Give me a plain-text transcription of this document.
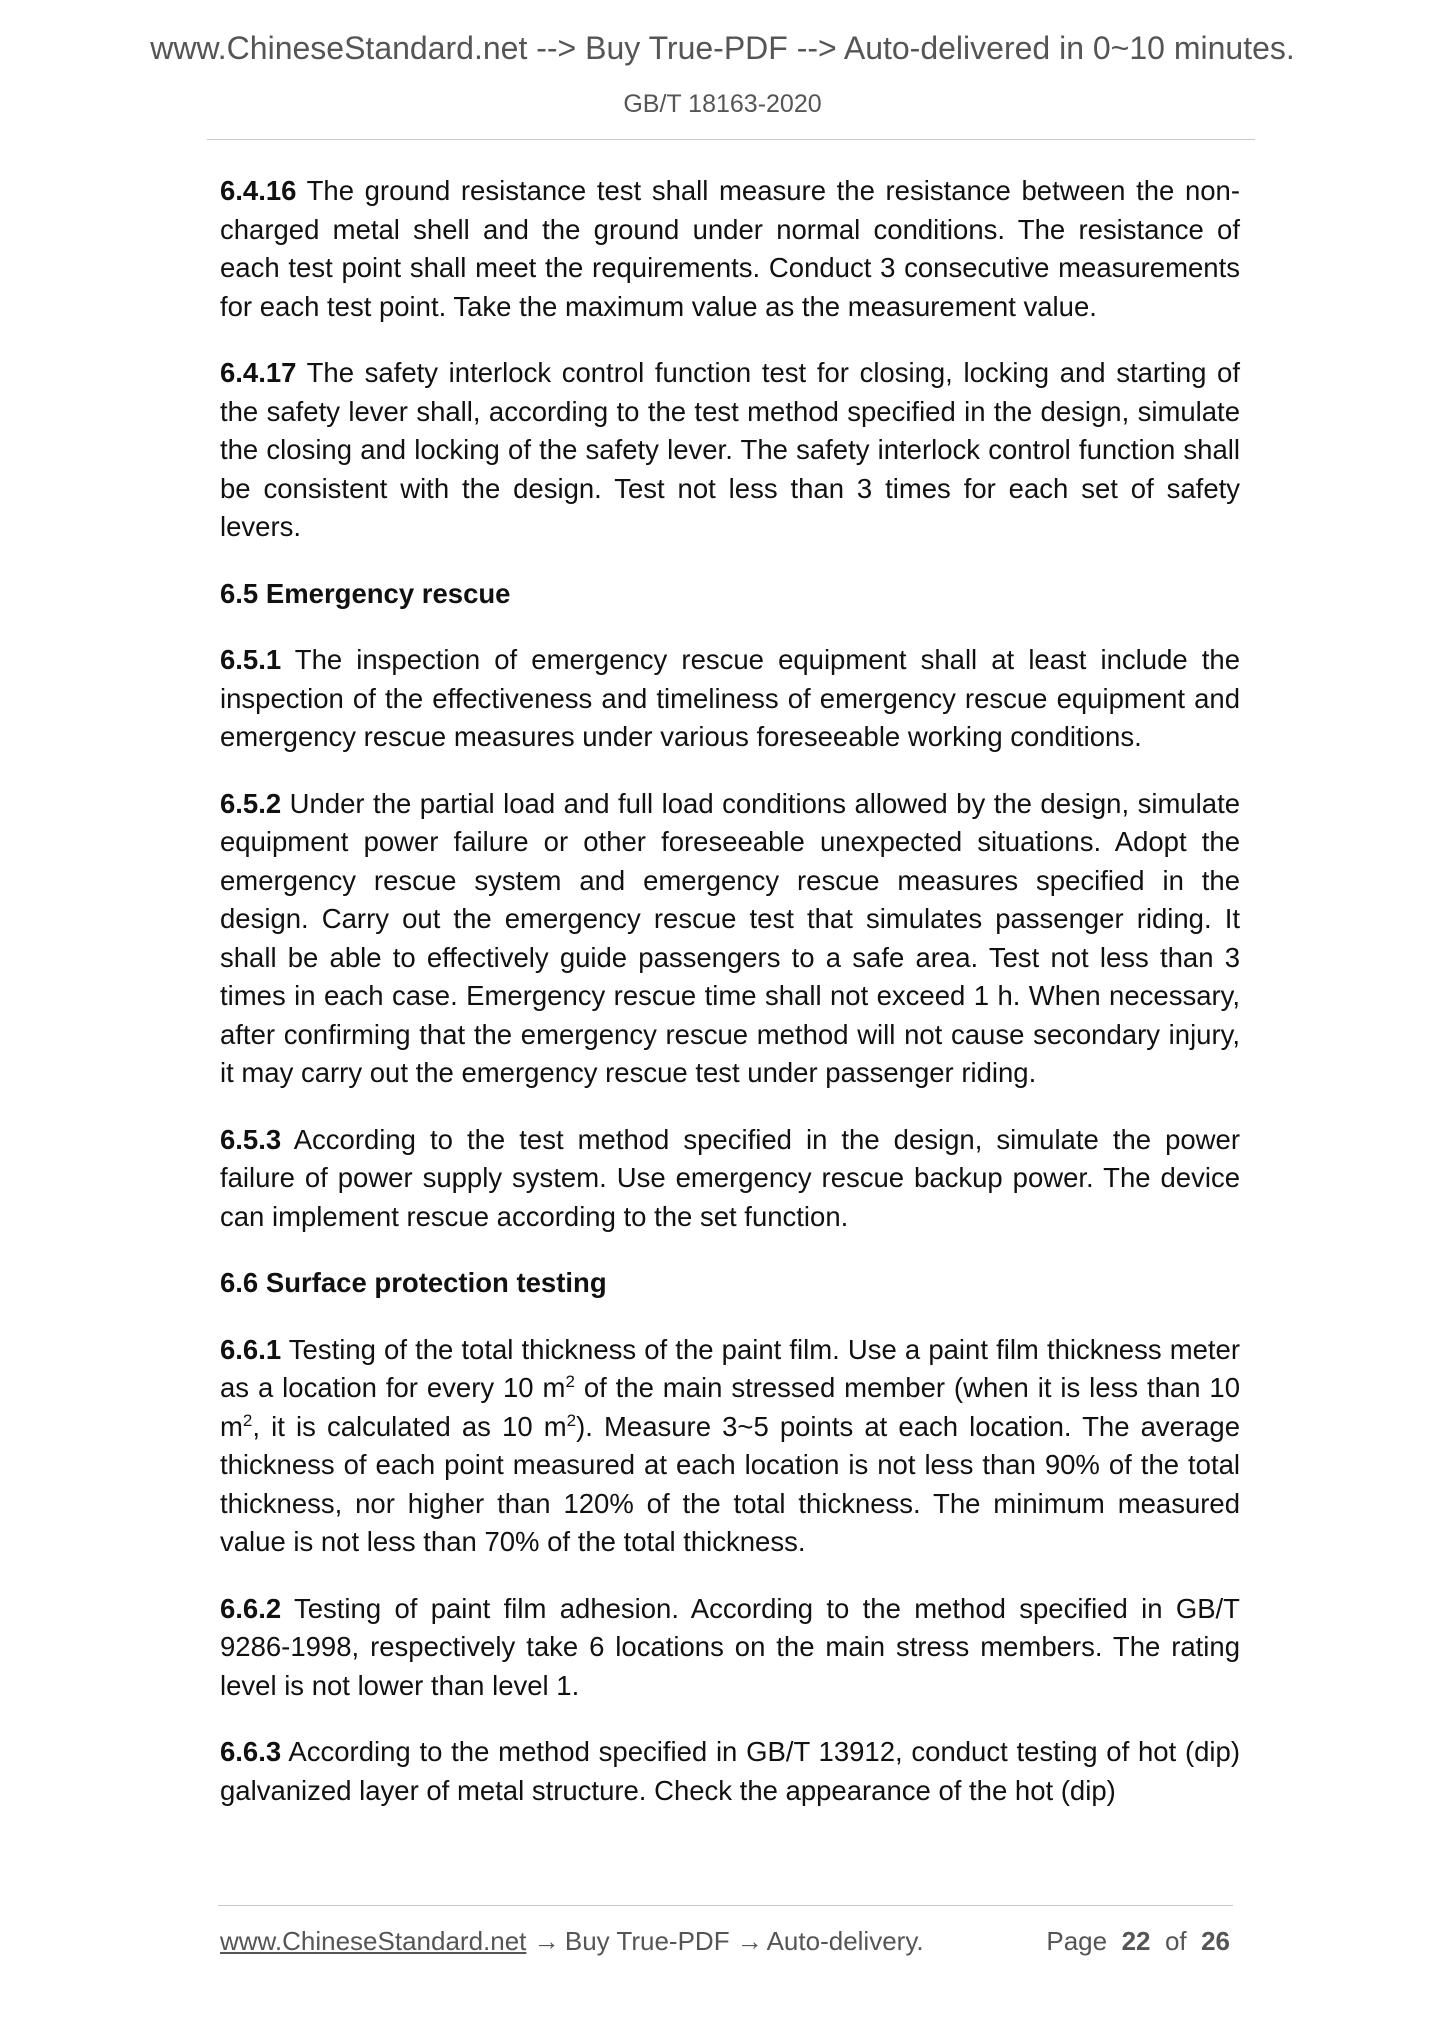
www.ChineseStandard.net --> Buy True-PDF --> Auto-delivered in 0~10 minutes.
GB/T 18163-2020

6.4.16 The ground resistance test shall measure the resistance between the non-charged metal shell and the ground under normal conditions. The resistance of each test point shall meet the requirements. Conduct 3 consecutive measurements for each test point. Take the maximum value as the measurement value.

6.4.17 The safety interlock control function test for closing, locking and starting of the safety lever shall, according to the test method specified in the design, simulate the closing and locking of the safety lever. The safety interlock control function shall be consistent with the design. Test not less than 3 times for each set of safety levers.

6.5 Emergency rescue

6.5.1 The inspection of emergency rescue equipment shall at least include the inspection of the effectiveness and timeliness of emergency rescue equipment and emergency rescue measures under various foreseeable working conditions.

6.5.2 Under the partial load and full load conditions allowed by the design, simulate equipment power failure or other foreseeable unexpected situations. Adopt the emergency rescue system and emergency rescue measures specified in the design. Carry out the emergency rescue test that simulates passenger riding. It shall be able to effectively guide passengers to a safe area. Test not less than 3 times in each case. Emergency rescue time shall not exceed 1 h. When necessary, after confirming that the emergency rescue method will not cause secondary injury, it may carry out the emergency rescue test under passenger riding.

6.5.3 According to the test method specified in the design, simulate the power failure of power supply system. Use emergency rescue backup power. The device can implement rescue according to the set function.

6.6 Surface protection testing

6.6.1 Testing of the total thickness of the paint film. Use a paint film thickness meter as a location for every 10 $m^2$ of the main stressed member (when it is less than 10 $m^2$, it is calculated as 10 $m^2$). Measure 3~5 points at each location. The average thickness of each point measured at each location is not less than 90% of the total thickness, nor higher than 120% of the total thickness. The minimum measured value is not less than 70% of the total thickness.

6.6.2 Testing of paint film adhesion. According to the method specified in GB/T 9286-1998, respectively take 6 locations on the main stress members. The rating level is not lower than level 1.

6.6.3 According to the method specified in GB/T 13912, conduct testing of hot (dip) galvanized layer of metal structure. Check the appearance of the hot (dip)

www.ChineseStandard.net → Buy True-PDF → Auto-delivery.	Page 22 of 26
